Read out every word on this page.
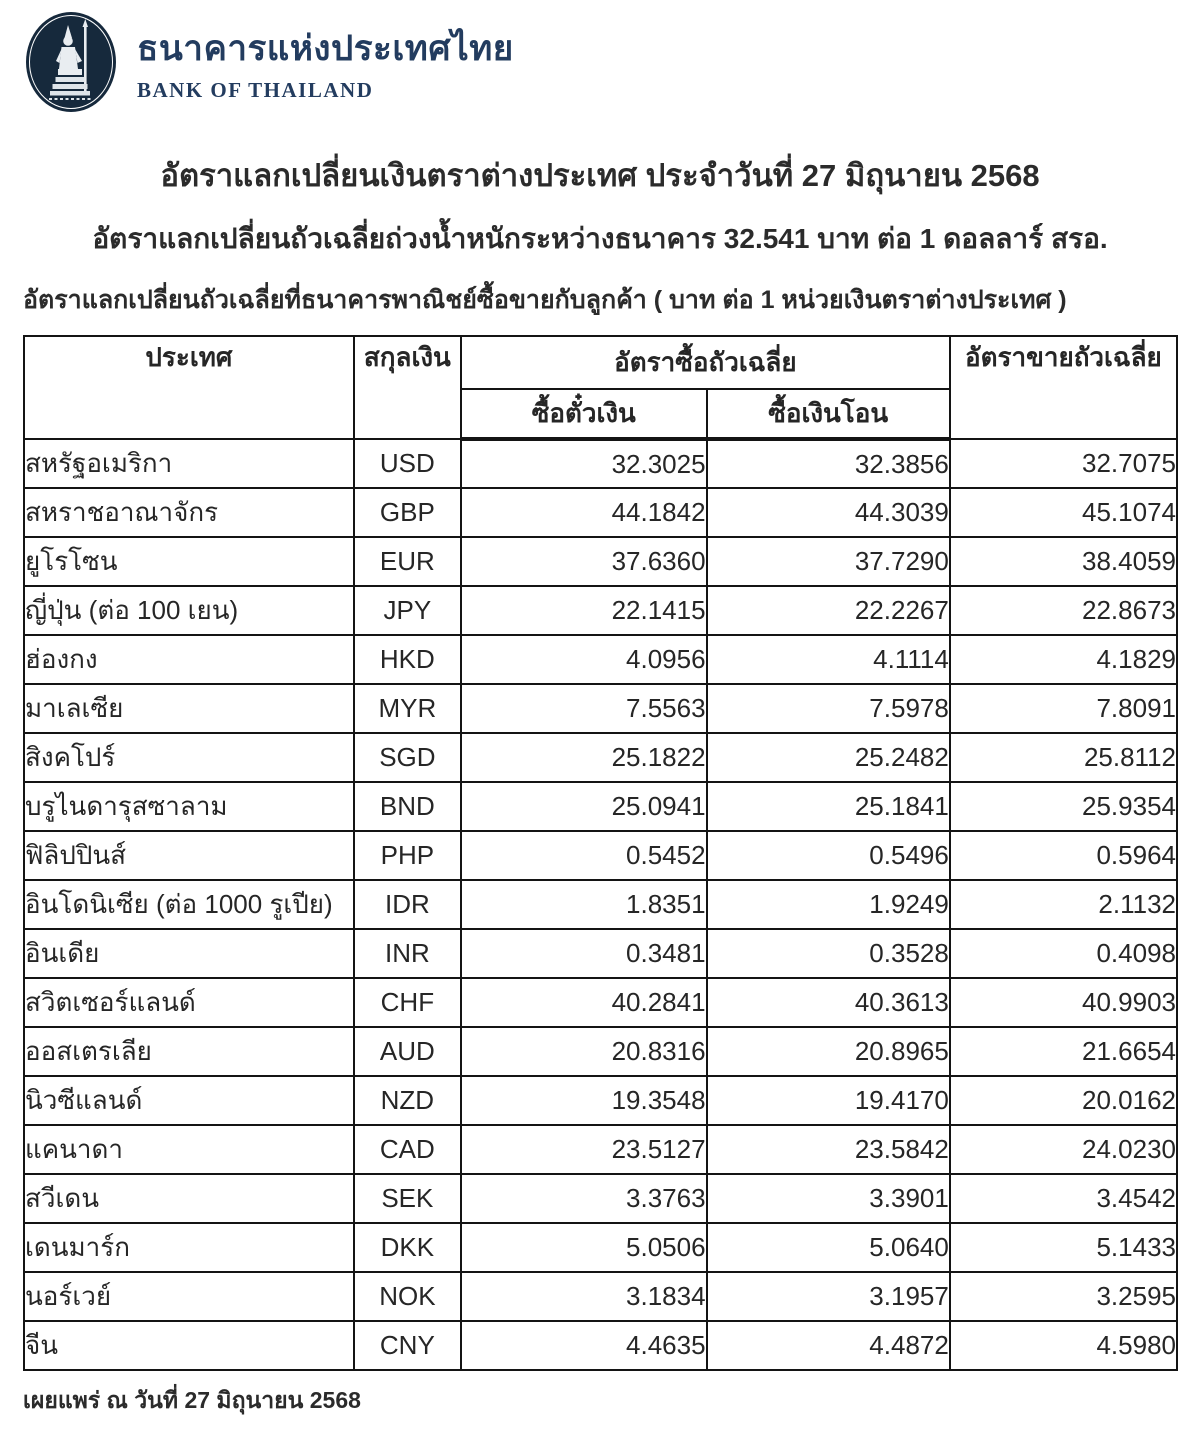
ธนาคารแห่งประเทศไทย
BANK OF THAILAND
อัตราแลกเปลี่ยนเงินตราต่างประเทศ ประจำวันที่ 27 มิถุนายน 2568
อัตราแลกเปลี่ยนถัวเฉลี่ยถ่วงน้ำหนักระหว่างธนาคาร 32.541 บาท ต่อ 1 ดอลลาร์ สรอ.
อัตราแลกเปลี่ยนถัวเฉลี่ยที่ธนาคารพาณิชย์ซื้อขายกับลูกค้า ( บาท ต่อ 1 หน่วยเงินตราต่างประเทศ )
ประเทศ	สกุลเงิน	อัตราซื้อถัวเฉลี่ย		อัตราขายถัวเฉลี่ย
		ซื้อตั๋วเงิน	ซื้อเงินโอน	
สหรัฐอเมริกา	USD	32.3025	32.3856	32.7075
สหราชอาณาจักร	GBP	44.1842	44.3039	45.1074
ยูโรโซน	EUR	37.6360	37.7290	38.4059
ญี่ปุ่น (ต่อ 100 เยน)	JPY	22.1415	22.2267	22.8673
ฮ่องกง	HKD	4.0956	4.1114	4.1829
มาเลเซีย	MYR	7.5563	7.5978	7.8091
สิงคโปร์	SGD	25.1822	25.2482	25.8112
บรูไนดารุสซาลาม	BND	25.0941	25.1841	25.9354
ฟิลิปปินส์	PHP	0.5452	0.5496	0.5964
อินโดนิเซีย (ต่อ 1000 รูเปีย)	IDR	1.8351	1.9249	2.1132
อินเดีย	INR	0.3481	0.3528	0.4098
สวิตเซอร์แลนด์	CHF	40.2841	40.3613	40.9903
ออสเตรเลีย	AUD	20.8316	20.8965	21.6654
นิวซีแลนด์	NZD	19.3548	19.4170	20.0162
แคนาดา	CAD	23.5127	23.5842	24.0230
สวีเดน	SEK	3.3763	3.3901	3.4542
เดนมาร์ก	DKK	5.0506	5.0640	5.1433
นอร์เวย์	NOK	3.1834	3.1957	3.2595
จีน	CNY	4.4635	4.4872	4.5980
เผยแพร่ ณ วันที่ 27 มิถุนายน 2568
